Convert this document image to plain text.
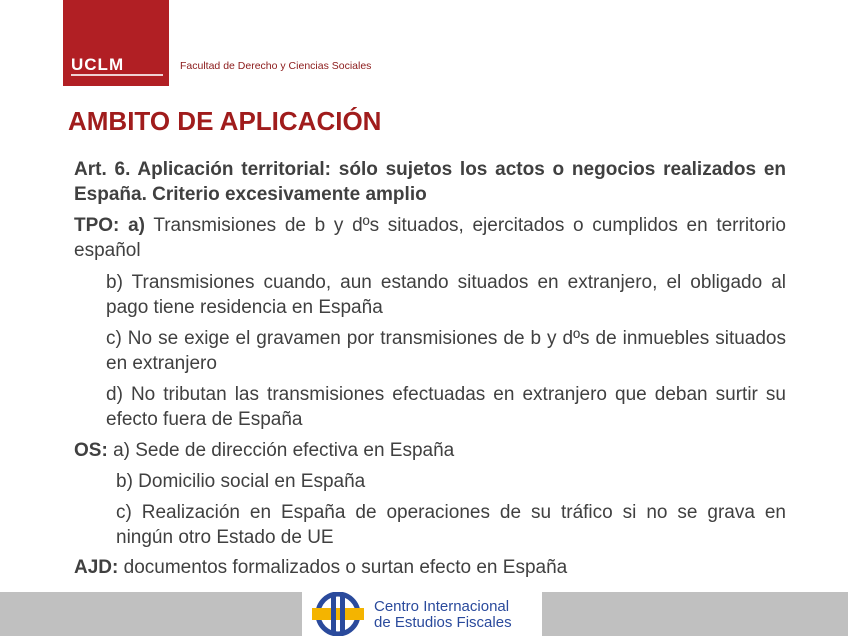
UCLM	Facultad de Derecho y Ciencias Sociales
AMBITO DE APLICACIÓN
Art. 6. Aplicación territorial: sólo sujetos los actos o negocios realizados en España. Criterio excesivamente amplio
TPO: a) Transmisiones de b y dºs situados, ejercitados o cumplidos en territorio español
b) Transmisiones cuando, aun estando situados en extranjero, el obligado al pago tiene residencia en España
c) No se exige el gravamen por transmisiones de b y dºs de inmuebles situados en extranjero
d) No tributan las transmisiones efectuadas en extranjero que deban surtir su efecto fuera de España
OS: a) Sede de dirección efectiva en España
b) Domicilio social en España
c) Realización en España de operaciones de su tráfico si no se grava en ningún otro Estado de UE
AJD: documentos formalizados o surtan efecto en España
Centro Internacional
de Estudios Fiscales
